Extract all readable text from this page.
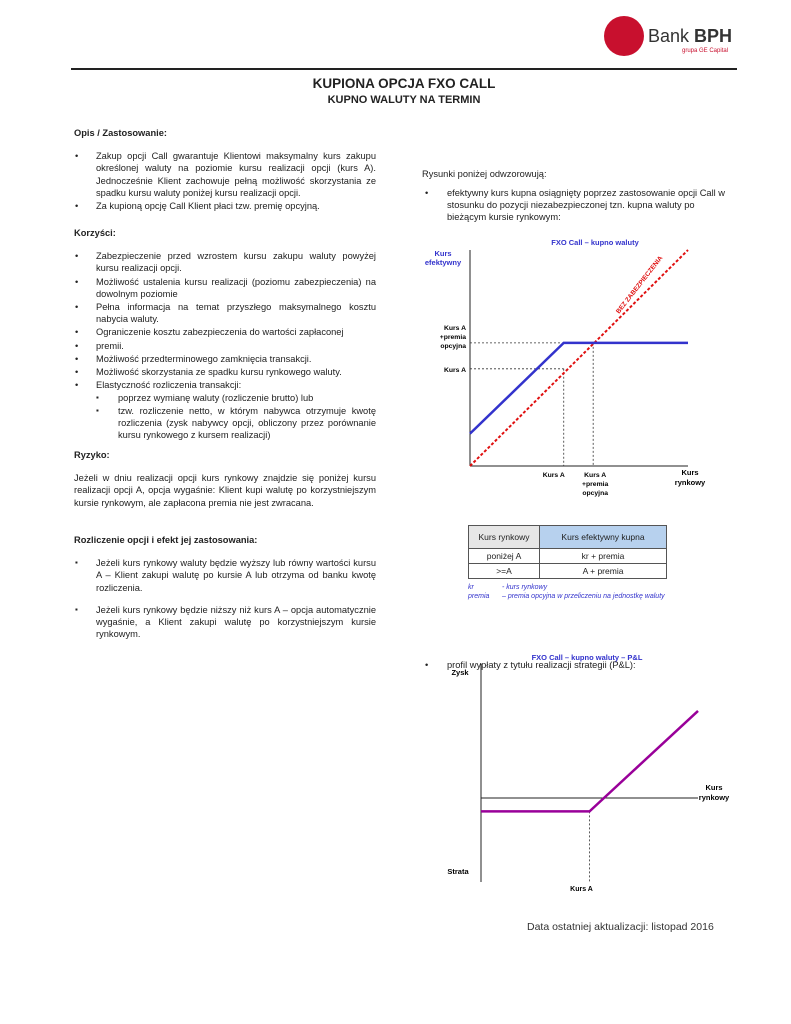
Bank BPH
grupa GE Capital
KUPIONA OPCJA FXO CALL
KUPNO WALUTY NA TERMIN
Opis / Zastosowanie:
• Zakup opcji Call gwarantuje Klientowi maksymalny kurs zakupu określonej waluty na poziomie kursu realizacji opcji (kurs A). Jednocześnie Klient zachowuje pełną możliwość skorzystania ze spadku kursu waluty poniżej kursu realizacji opcji.
• Za kupioną opcję Call Klient płaci tzw. premię opcyjną.
Korzyści:
• Zabezpieczenie przed wzrostem kursu zakupu waluty powyżej kursu realizacji opcji.
• Możliwość ustalenia kursu realizacji (poziomu zabezpieczenia) na dowolnym poziomie
• Pełna informacja na temat przyszłego maksymalnego kosztu nabycia waluty.
• Ograniczenie kosztu zabezpieczenia do wartości zapłaconej
• premii.
• Możliwość przedterminowego zamknięcia transakcji.
• Możliwość skorzystania ze spadku kursu rynkowego waluty.
• Elastyczność rozliczenia transakcji:
▪ poprzez wymianę waluty (rozliczenie brutto) lub
▪ tzw. rozliczenie netto, w którym nabywca otrzymuje kwotę rozliczenia (zysk nabywcy opcji, obliczony przez porównanie kursu rynkowego z kursem realizacji)
Ryzyko:

Jeżeli w dniu realizacji opcji kurs rynkowy znajdzie się poniżej kursu realizacji opcji A, opcja wygaśnie: Klient kupi walutę po korzystniejszym kursie rynkowym, ale zapłacona premia nie jest zwracana.

Rozliczenie opcji i efekt jej zastosowania:
▪ Jeżeli kurs rynkowy waluty będzie wyższy lub równy wartości kursu A – Klient zakupi walutę po kursie A lub otrzyma od banku kwotę rozliczenia.
▪ Jeżeli kurs rynkowy będzie niższy niż kurs A – opcja automatycznie wygaśnie, a Klient zakupi walutę po korzystniejszym kursie rynkowym.
Rysunki poniżej odwzorowują:
• efektywny kurs kupna osiągnięty poprzez zastosowanie opcji Call w stosunku do pozycji niezabezpieczonej tzn. kupna waluty po bieżącym kursie rynkowym:
FXO Call – kupno waluty
Kurs
efektywny	BEZ ZABEZPIECZENIA
Kurs A +premia opcyjna
Kurs A
Kurs A	Kurs A +premia opcyjna
Kurs
rynkowy
Kurs rynkowy	Kurs efektywny kupna
poniżej A	kr + premia
>=A	A + premia
kr	- kurs rynkowy
premia – premia opcyjna w przeliczeniu na jednostkę waluty
• profil wypłaty z tytułu realizacji strategii (P&L):
FXO Call – kupno waluty – P&L
Zysk
Strata
Kurs A
Kurs
rynkowy
Data ostatniej aktualizacji: listopad 2016
